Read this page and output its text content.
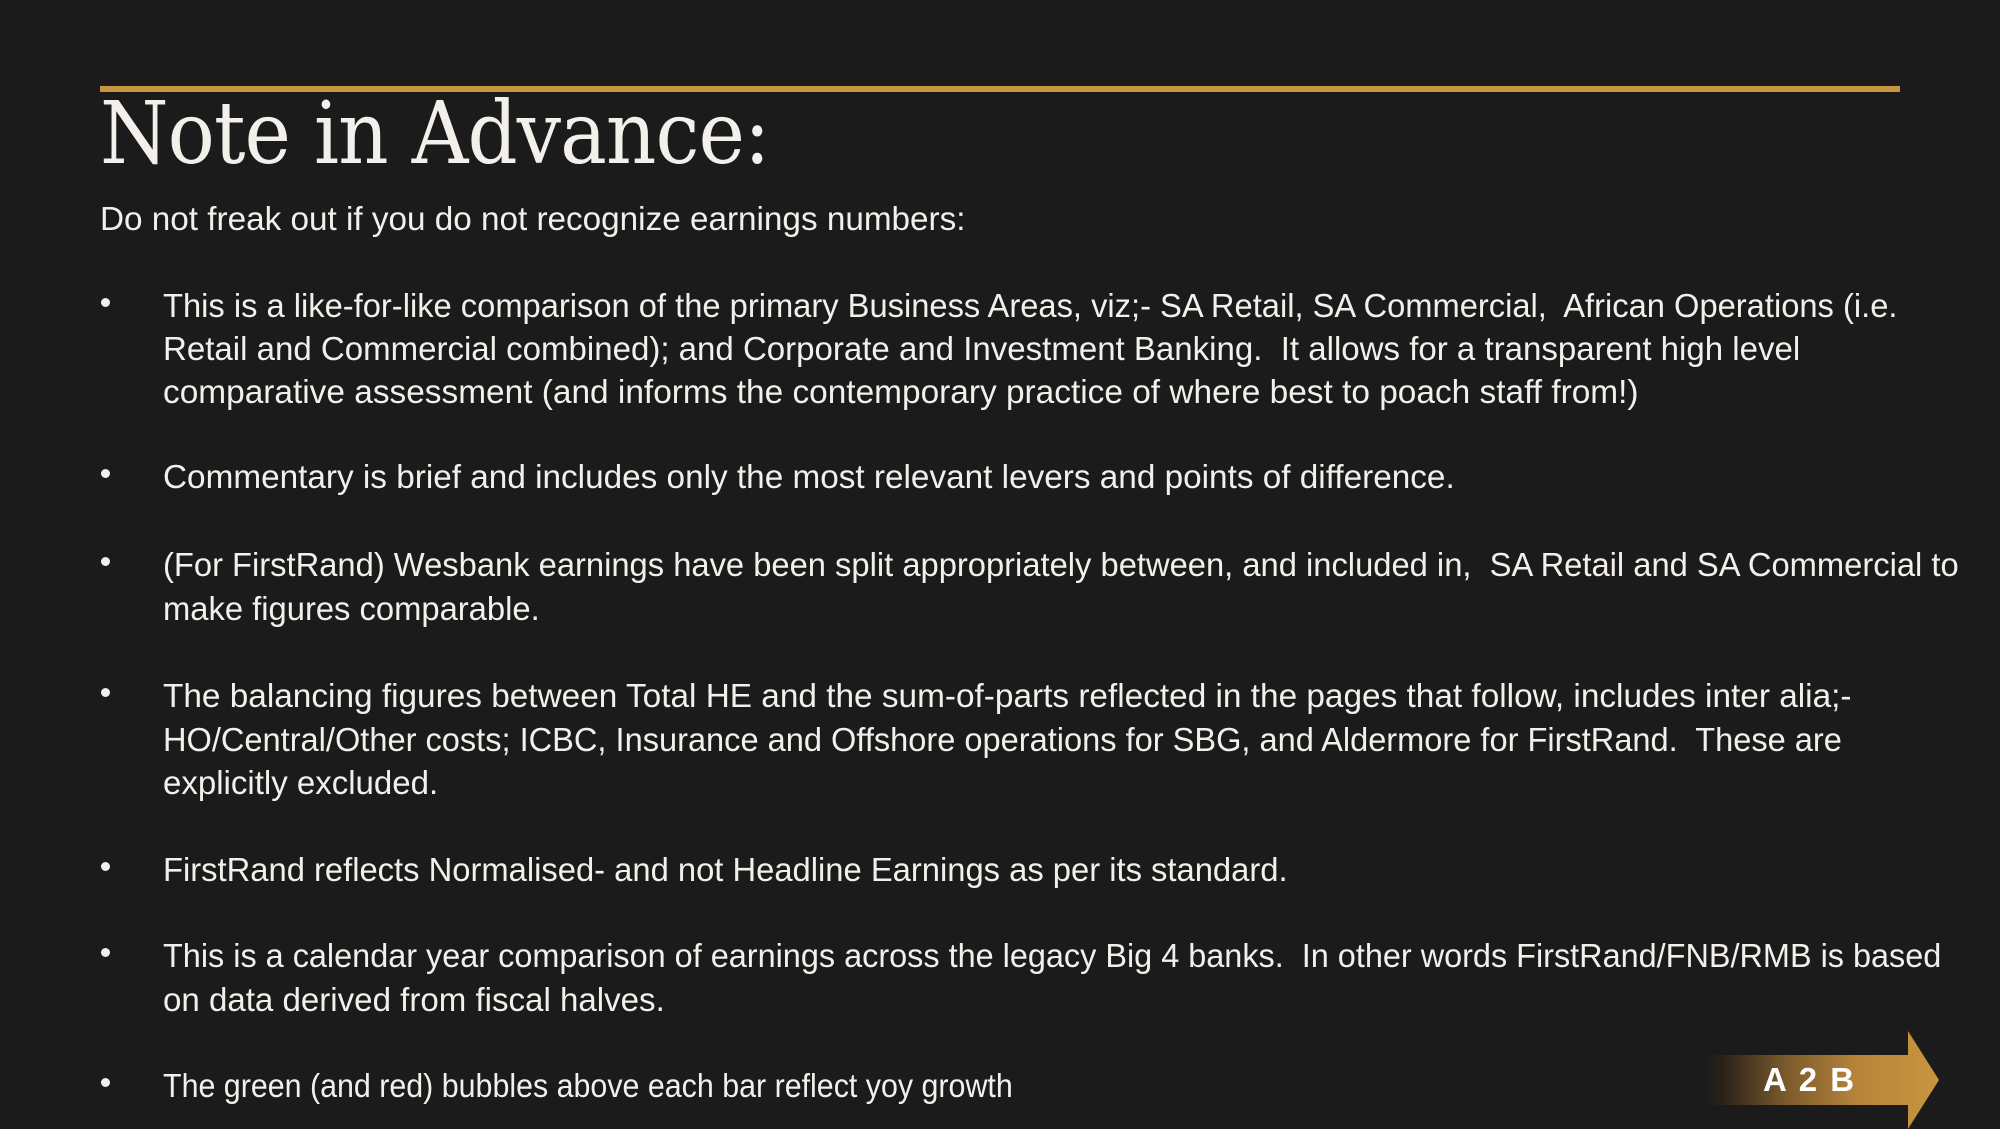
Note in Advance:
Do not freak out if you do not recognize earnings numbers:
This is a like-for-like comparison of the primary Business Areas, viz;- SA Retail, SA Commercial,  African Operations (i.e.
Retail and Commercial combined); and Corporate and Investment Banking.  It allows for a transparent high level
comparative assessment (and informs the contemporary practice of where best to poach staff from!)
Commentary is brief and includes only the most relevant levers and points of difference.
(For FirstRand) Wesbank earnings have been split appropriately between, and included in,  SA Retail and SA Commercial to
make figures comparable.
The balancing figures between Total HE and the sum-of-parts reflected in the pages that follow, includes inter alia;-
HO/Central/Other costs; ICBC, Insurance and Offshore operations for SBG, and Aldermore for FirstRand.  These are
explicitly excluded.
FirstRand reflects Normalised- and not Headline Earnings as per its standard.
This is a calendar year comparison of earnings across the legacy Big 4 banks.  In other words FirstRand/FNB/RMB is based
on data derived from fiscal halves.
The green (and red) bubbles above each bar reflect yoy growth	A 2 B
